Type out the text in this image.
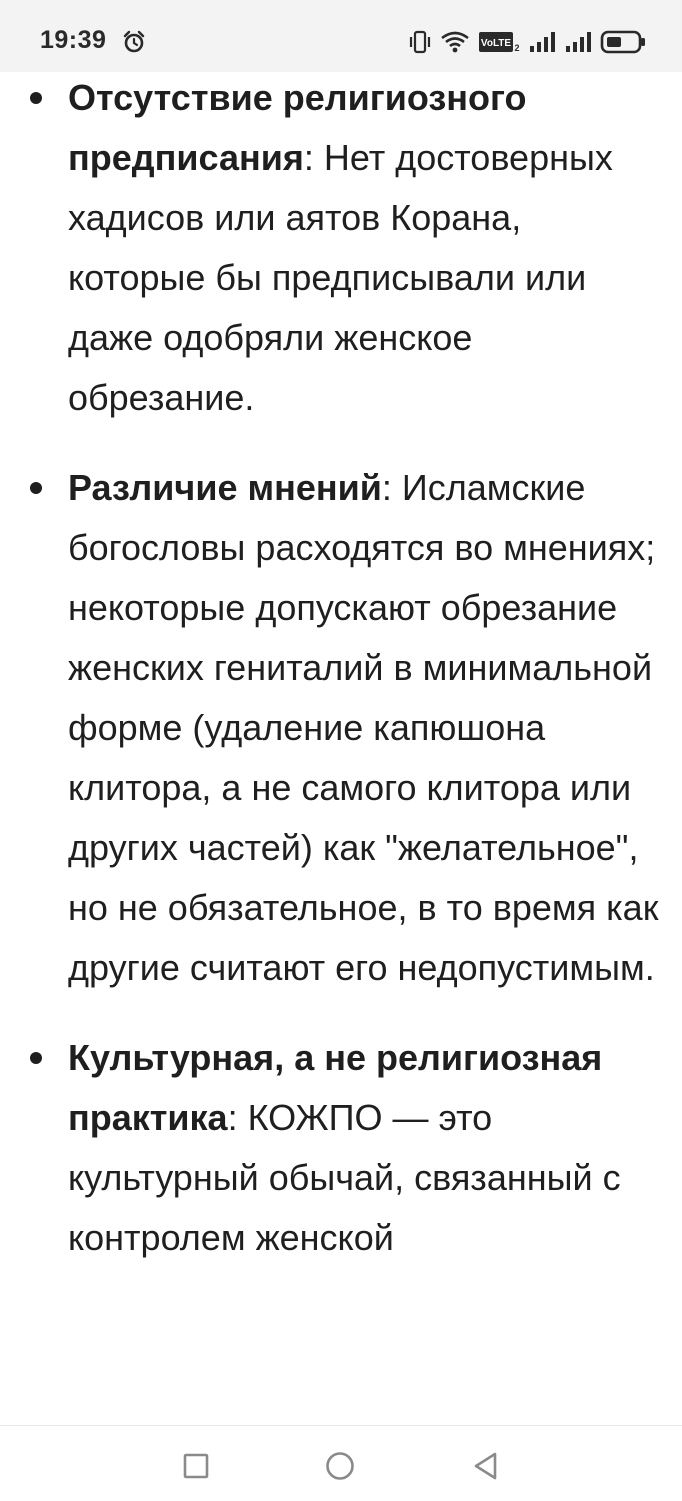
19:39	VoLTE 2
Отсутствие религиозного предписания: Нет достоверных хадисов или аятов Корана, которые бы предписывали или даже одобряли женское обрезание.
Различие мнений: Исламские богословы расходятся во мнениях; некоторые допускают обрезание женских гениталий в минимальной форме (удаление капюшона клитора, а не самого клитора или других частей) как "желательное", но не обязательное, в то время как другие считают его недопустимым.
Культурная, а не религиозная практика: КОЖПО — это культурный обычай, связанный с контролем женской
